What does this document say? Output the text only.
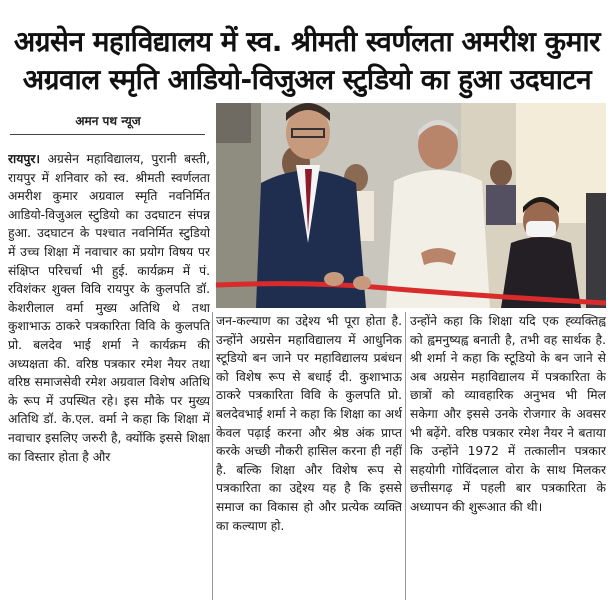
अग्रसेन महाविद्यालय में स्व. श्रीमती स्वर्णलता अमरीश कुमार
अग्रवाल स्मृति आडियो-विजुअल स्टुडियो का हुआ उदघाटन
अमन पथ न्यूज
रायपुर। अग्रसेन महाविद्यालय, पुरानी बस्ती, रायपुर में शनिवार को स्व. श्रीमती स्वर्णलता अमरीश कुमार अग्रवाल स्मृति नवनिर्मित आडियो-विजुअल स्टुडियो का उदघाटन संपन्न हुआ. उदघाटन के पश्चात नवनिर्मित स्टुडियो में उच्च शिक्षा में नवाचार का प्रयोग विषय पर संक्षिप्त परिचर्चा भी हुई. कार्यक्रम में पं. रविशंकर शुक्ल विवि रायपुर के कुलपति डॉ. केशरीलाल वर्मा मुख्य अतिथि थे तथा कुशाभाऊ ठाकरे पत्रकारिता विवि के कुलपति प्रो. बलदेव भाई शर्मा ने कार्यक्रम की अध्यक्षता की. वरिष्ठ पत्रकार रमेश नैयर तथा वरिष्ठ समाजसेवी रमेश अग्रवाल विशेष अतिथि के रूप में उपस्थित रहे। इस मौके पर मुख्य अतिथि डॉ. के.एल. वर्मा ने कहा कि शिक्षा में नवाचार इसलिए जरुरी है, क्योंकि इससे शिक्षा का विस्तार होता है और
जन-कल्याण का उद्देश्य भी पूरा होता है. उन्होंने अग्रसेन महाविद्यालय में आधुनिक स्टूडियो बन जाने पर महाविद्यालय प्रबंधन को विशेष रूप से बधाई दी. कुशाभाऊ ठाकरे पत्रकारिता विवि के कुलपति प्रो. बलदेवभाई शर्मा ने कहा कि शिक्षा का अर्थ केवल पढ़ाई करना और श्रेष्ठ अंक प्राप्त करके अच्छी नौकरी हासिल करना ही नहीं है. बल्कि शिक्षा और विशेष रूप से पत्रकारिता का उद्देश्य यह है कि इससे समाज का विकास हो और प्रत्येक व्यक्ति का कल्याण हो.
उन्होंने कहा कि शिक्षा यदि एक ह्व्यक्तिह्व को ह्वमनुष्यह्व बनाती है, तभी वह सार्थक है. श्री शर्मा ने कहा कि स्टूडियो के बन जाने से अब अग्रसेन महाविद्यालय में पत्रकारिता के छात्रों को व्यावहारिक अनुभव भी मिल सकेगा और इससे उनके रोजगार के अवसर भी बढ़ेंगे. वरिष्ठ पत्रकार रमेश नैयर ने बताया कि उन्होंने 1972 में तत्कालीन पत्रकार सहयोगी गोविंदलाल वोरा के साथ मिलकर छत्तीसगढ़ में पहली बार पत्रकारिता के अध्यापन की शुरूआत की थी।
